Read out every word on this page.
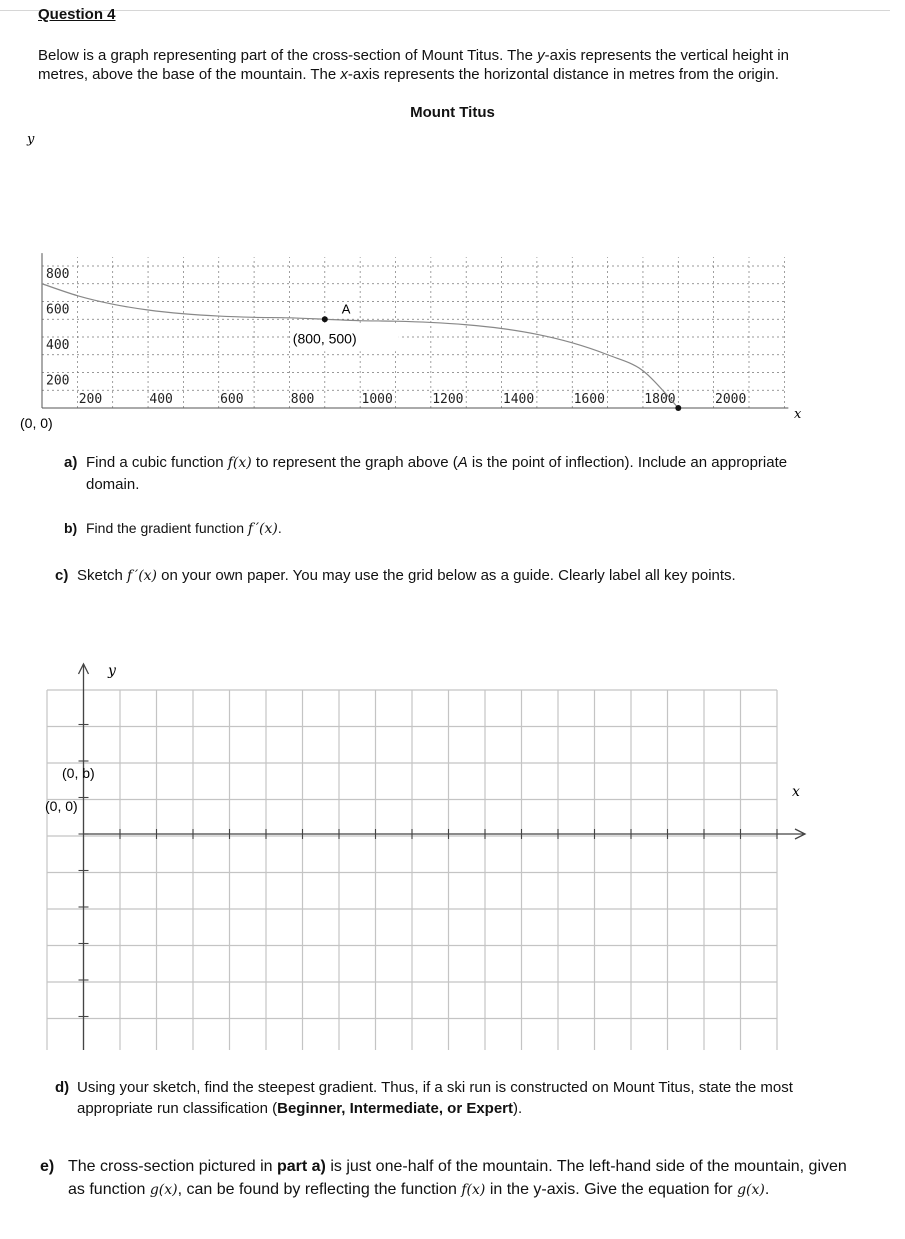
Question 4
Below is a graph representing part of the cross-section of Mount Titus. The y-axis represents the vertical height in metres, above the base of the mountain. The x-axis represents the horizontal distance in metres from the origin.
Mount Titus
200	400	600	800	1000	1200	1400	1600	1800	2000
200
400
600
800
A
(800, 500)
y
x
(0, 0)
a) Find a cubic function f(x) to represent the graph above (A is the point of inflection). Include an appropriate domain.
b) Find the gradient function f ′(x).
c) Sketch f ′(x) on your own paper. You may use the grid below as a guide. Clearly label all key points.
y
x
(0, b)
(0, 0)
d) Using your sketch, find the steepest gradient. Thus, if a ski run is constructed on Mount Titus, state the most appropriate run classification (Beginner, Intermediate, or Expert).
e) The cross-section pictured in part a) is just one-half of the mountain. The left-hand side of the mountain, given as function g(x), can be found by reflecting the function f(x) in the y-axis. Give the equation for g(x).
